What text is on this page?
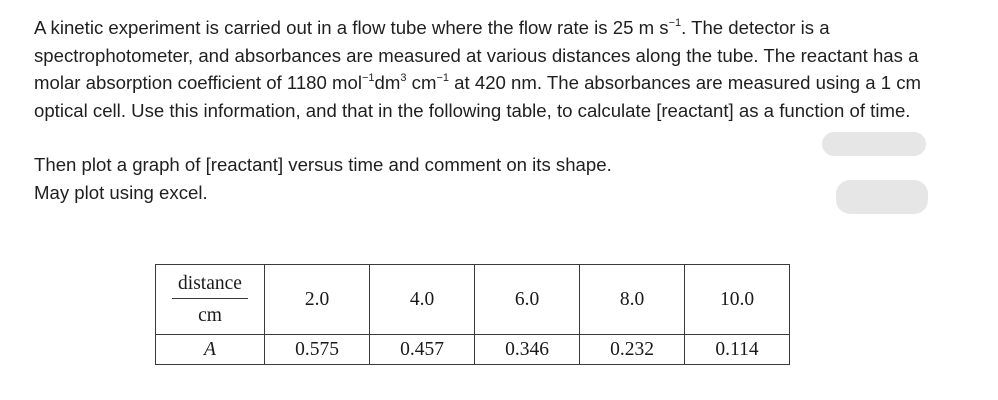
A kinetic experiment is carried out in a flow tube where the flow rate is 25 m $s^{-1}$. The detector is a spectrophotometer, and absorbances are measured at various distances along the tube. The reactant has a molar absorption coefficient of 1180 $mol^{-1}dm^3$ $cm^{-1}$ at 420 nm. The absorbances are measured using a 1 cm optical cell. Use this information, and that in the following table, to calculate [reactant] as a function of time.

Then plot a graph of [reactant] versus time and comment on its shape.

May plot using excel.

$\frac{\text{distance}}{cm}$	2.0	4.0	6.0	8.0	10.0
A	0.575	0.457	0.346	0.232	0.114
